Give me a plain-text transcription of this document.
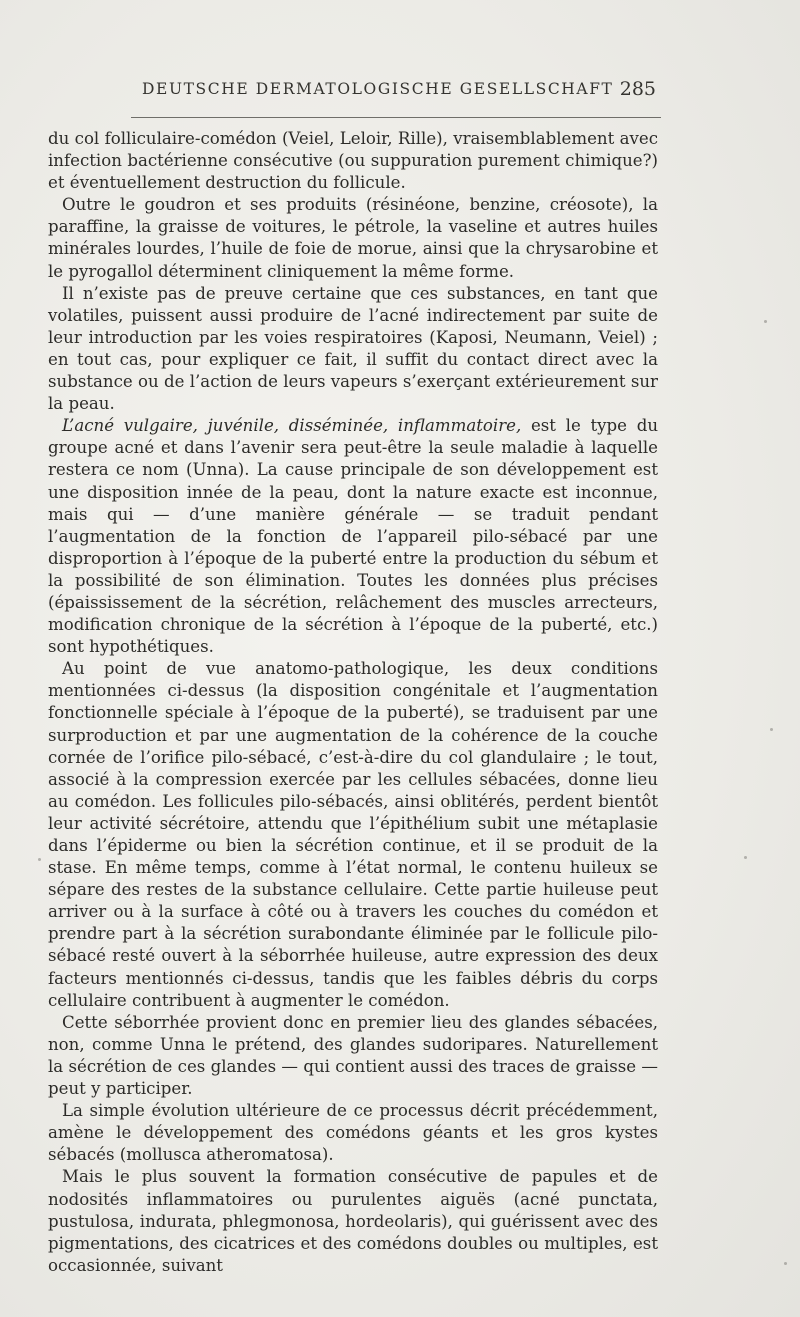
DEUTSCHE DERMATOLOGISCHE GESELLSCHAFT 285

du col folliculaire-comédon (Veiel, Leloir, Rille), vraisemblablement avec infection bactérienne consécutive (ou suppuration purement chimique?) et éventuellement destruction du follicule.

Outre le goudron et ses produits (résinéone, benzine, créosote), la paraffine, la graisse de voitures, le pétrole, la vaseline et autres huiles minérales lourdes, l’huile de foie de morue, ainsi que la chrysarobine et le pyrogallol déterminent cliniquement la même forme.

Il n’existe pas de preuve certaine que ces substances, en tant que volatiles, puissent aussi produire de l’acné indirectement par suite de leur introduction par les voies respiratoires (Kaposi, Neumann, Veiel) ; en tout cas, pour expliquer ce fait, il suffit du contact direct avec la substance ou de l’action de leurs vapeurs s’exerçant extérieurement sur la peau.

L’acné vulgaire, juvénile, disséminée, inflammatoire, est le type du groupe acné et dans l’avenir sera peut-être la seule maladie à laquelle restera ce nom (Unna). La cause principale de son développement est une disposition innée de la peau, dont la nature exacte est inconnue, mais qui — d’une manière générale — se traduit pendant l’augmentation de la fonction de l’appareil pilo-sébacé par une disproportion à l’époque de la puberté entre la production du sébum et la possibilité de son élimination. Toutes les données plus précises (épaississement de la sécrétion, relâchement des muscles arrecteurs, modification chronique de la sécrétion à l’époque de la puberté, etc.) sont hypothétiques.

Au point de vue anatomo-pathologique, les deux conditions mentionnées ci-dessus (la disposition congénitale et l’augmentation fonctionnelle spéciale à l’époque de la puberté), se traduisent par une surproduction et par une augmentation de la cohérence de la couche cornée de l’orifice pilo-sébacé, c’est-à-dire du col glandulaire ; le tout, associé à la compression exercée par les cellules sébacées, donne lieu au comédon. Les follicules pilo-sébacés, ainsi oblitérés, perdent bientôt leur activité sécrétoire, attendu que l’épithélium subit une métaplasie dans l’épiderme ou bien la sécrétion continue, et il se produit de la stase. En même temps, comme à l’état normal, le contenu huileux se sépare des restes de la substance cellulaire. Cette partie huileuse peut arriver ou à la surface à côté ou à travers les couches du comédon et prendre part à la sécrétion surabondante éliminée par le follicule pilo-sébacé resté ouvert à la séborrhée huileuse, autre expression des deux facteurs mentionnés ci-dessus, tandis que les faibles débris du corps cellulaire contribuent à augmenter le comédon.

Cette séborrhée provient donc en premier lieu des glandes sébacées, non, comme Unna le prétend, des glandes sudoripares. Naturellement la sécrétion de ces glandes — qui contient aussi des traces de graisse — peut y participer.

La simple évolution ultérieure de ce processus décrit précédemment, amène le développement des comédons géants et les gros kystes sébacés (mollusca atheromatosa).

Mais le plus souvent la formation consécutive de papules et de nodosités inflammatoires ou purulentes aiguës (acné punctata, pustulosa, indurata, phlegmonosa, hordeolaris), qui guérissent avec des pigmentations, des cicatrices et des comédons doubles ou multiples, est occasionnée, suivant
